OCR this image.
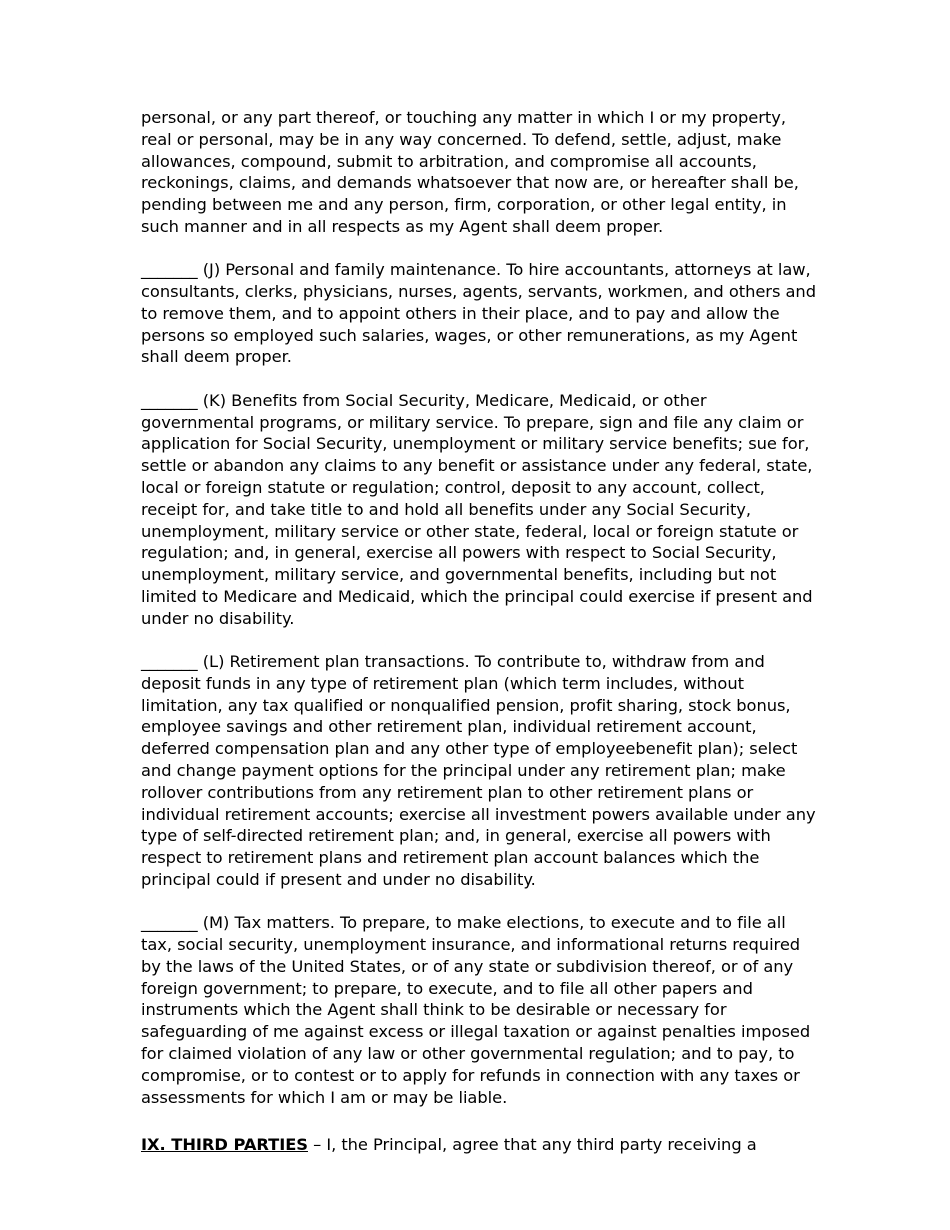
personal, or any part thereof, or touching any matter in which I or my property, real or personal, may be in any way concerned. To defend, settle, adjust, make allowances, compound, submit to arbitration, and compromise all accounts, reckonings, claims, and demands whatsoever that now are, or hereafter shall be, pending between me and any person, firm, corporation, or other legal entity, in such manner and in all respects as my Agent shall deem proper.

_______ (J) Personal and family maintenance. To hire accountants, attorneys at law, consultants, clerks, physicians, nurses, agents, servants, workmen, and others and to remove them, and to appoint others in their place, and to pay and allow the persons so employed such salaries, wages, or other remunerations, as my Agent shall deem proper.

_______ (K) Benefits from Social Security, Medicare, Medicaid, or other governmental programs, or military service. To prepare, sign and file any claim or application for Social Security, unemployment or military service benefits; sue for, settle or abandon any claims to any benefit or assistance under any federal, state, local or foreign statute or regulation; control, deposit to any account, collect, receipt for, and take title to and hold all benefits under any Social Security, unemployment, military service or other state, federal, local or foreign statute or regulation; and, in general, exercise all powers with respect to Social Security, unemployment, military service, and governmental benefits, including but not limited to Medicare and Medicaid, which the principal could exercise if present and under no disability.

_______ (L) Retirement plan transactions. To contribute to, withdraw from and deposit funds in any type of retirement plan (which term includes, without limitation, any tax qualified or nonqualified pension, profit sharing, stock bonus, employee savings and other retirement plan, individual retirement account, deferred compensation plan and any other type of employeebenefit plan); select and change payment options for the principal under any retirement plan; make rollover contributions from any retirement plan to other retirement plans or individual retirement accounts; exercise all investment powers available under any type of self-directed retirement plan; and, in general, exercise all powers with respect to retirement plans and retirement plan account balances which the principal could if present and under no disability.

_______ (M) Tax matters. To prepare, to make elections, to execute and to file all tax, social security, unemployment insurance, and informational returns required by the laws of the United States, or of any state or subdivision thereof, or of any foreign government; to prepare, to execute, and to file all other papers and instruments which the Agent shall think to be desirable or necessary for safeguarding of me against excess or illegal taxation or against penalties imposed for claimed violation of any law or other governmental regulation; and to pay, to compromise, or to contest or to apply for refunds in connection with any taxes or assessments for which I am or may be liable.

IX. THIRD PARTIES – I, the Principal, agree that any third party receiving a
